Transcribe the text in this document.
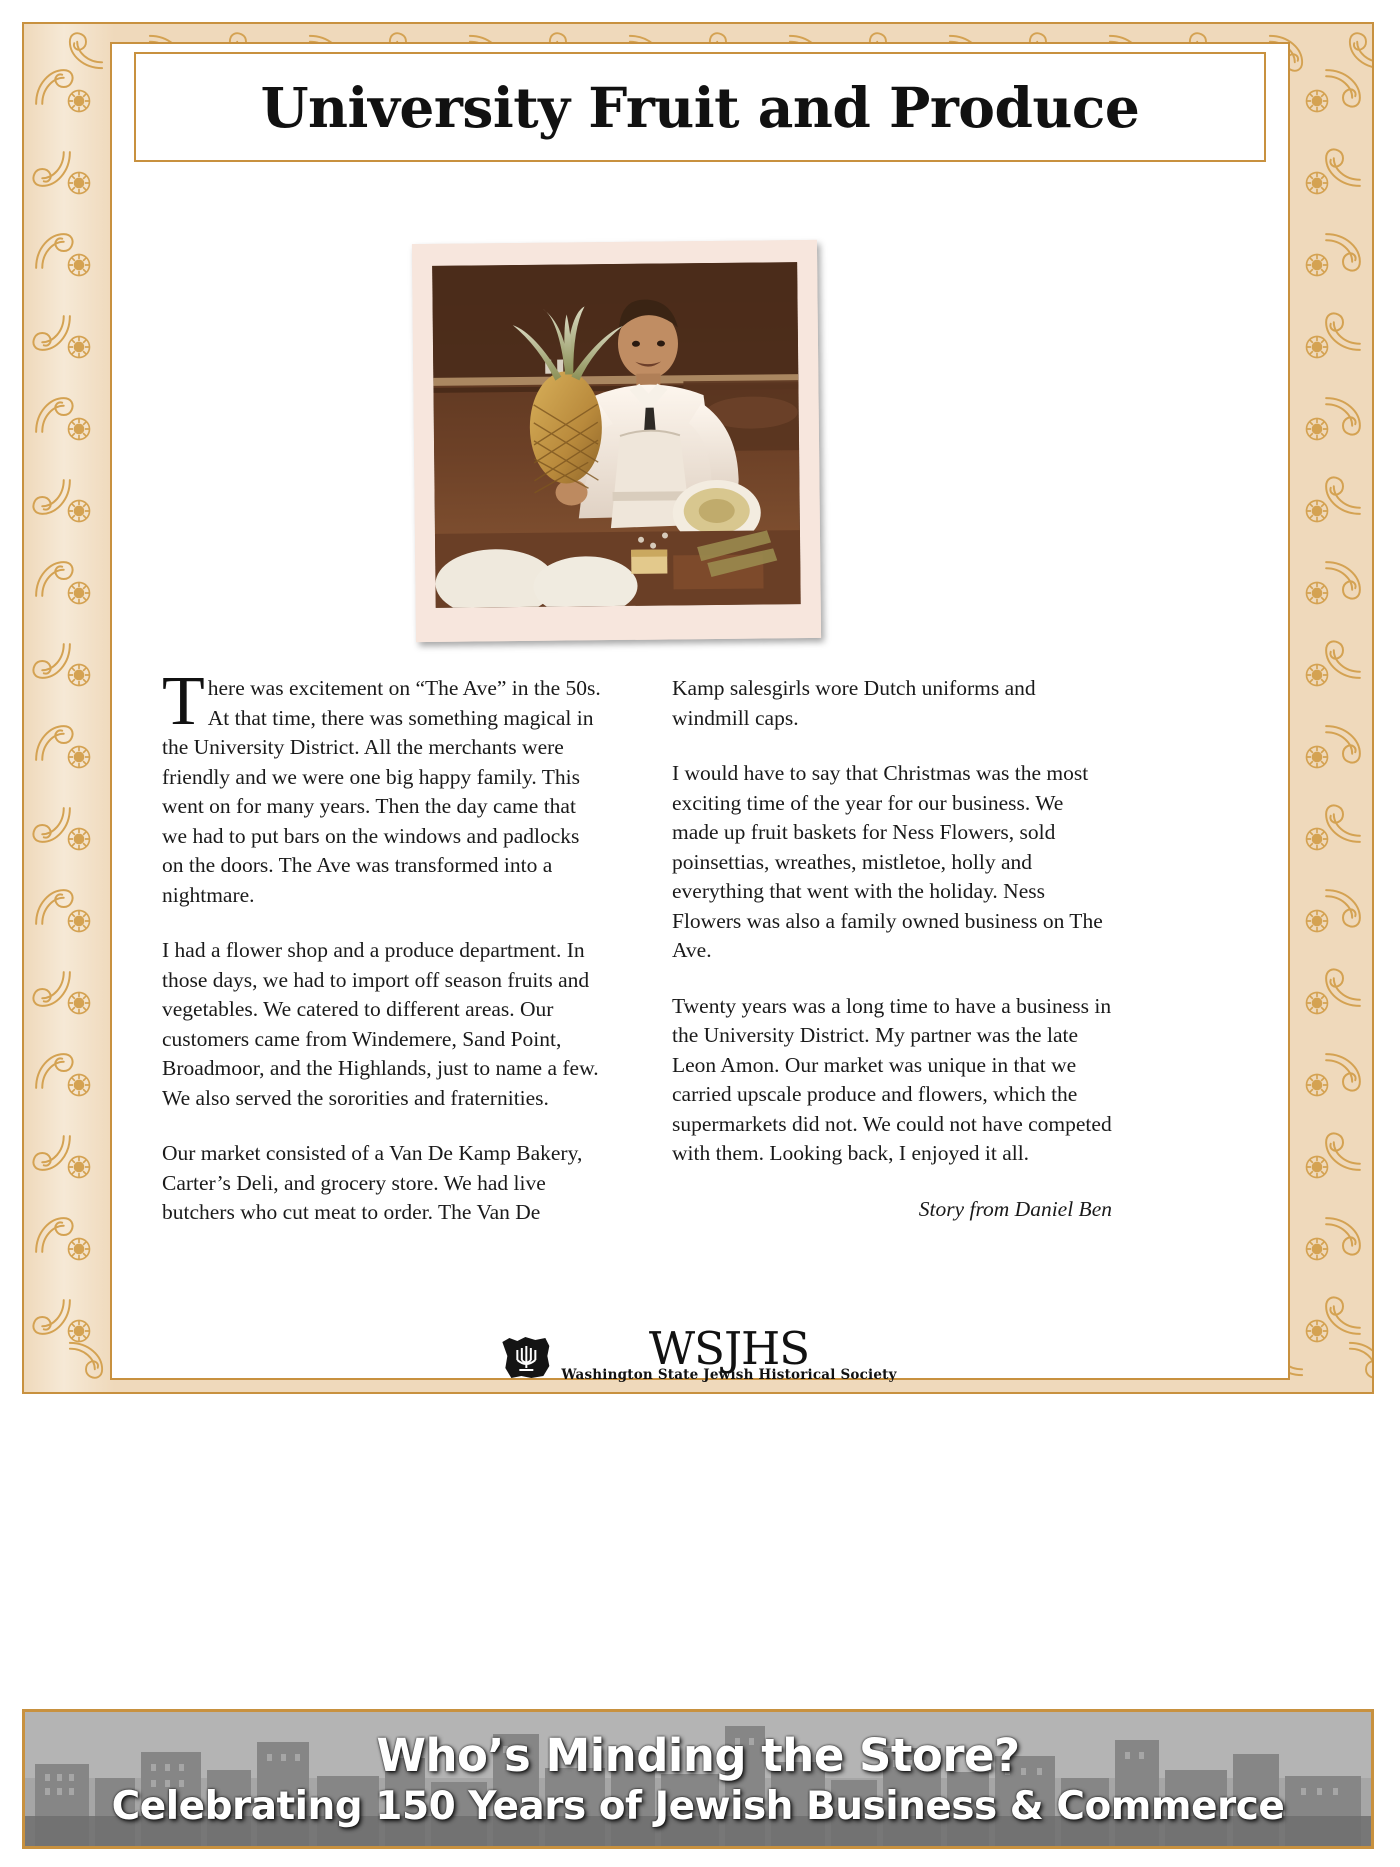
University Fruit and Produce

There was excitement on “The Ave” in the 50s. At that time, there was something magical in the University District. All the merchants were friendly and we were one big happy family. This went on for many years. Then the day came that we had to put bars on the windows and padlocks on the doors. The Ave was transformed into a nightmare.

I had a flower shop and a produce department. In those days, we had to import off season fruits and vegetables. We catered to different areas. Our customers came from Windemere, Sand Point, Broadmoor, and the Highlands, just to name a few. We also served the sororities and fraternities.

Our market consisted of a Van De Kamp Bakery, Carter’s Deli, and grocery store. We had live butchers who cut meat to order. The Van De

Kamp salesgirls wore Dutch uniforms and windmill caps.

I would have to say that Christmas was the most exciting time of the year for our business. We made up fruit baskets for Ness Flowers, sold poinsettias, wreathes, mistletoe, holly and everything that went with the holiday. Ness Flowers was also a family owned business on The Ave.

Twenty years was a long time to have a business in the University District. My partner was the late Leon Amon. Our market was unique in that we carried upscale produce and flowers, which the supermarkets did not. We could not have competed with them. Looking back, I enjoyed it all.

Story from Daniel Ben
WSJHS
Washington State Jewish Historical Society
Who’s Minding the Store?
Celebrating 150 Years of Jewish Business & Commerce
